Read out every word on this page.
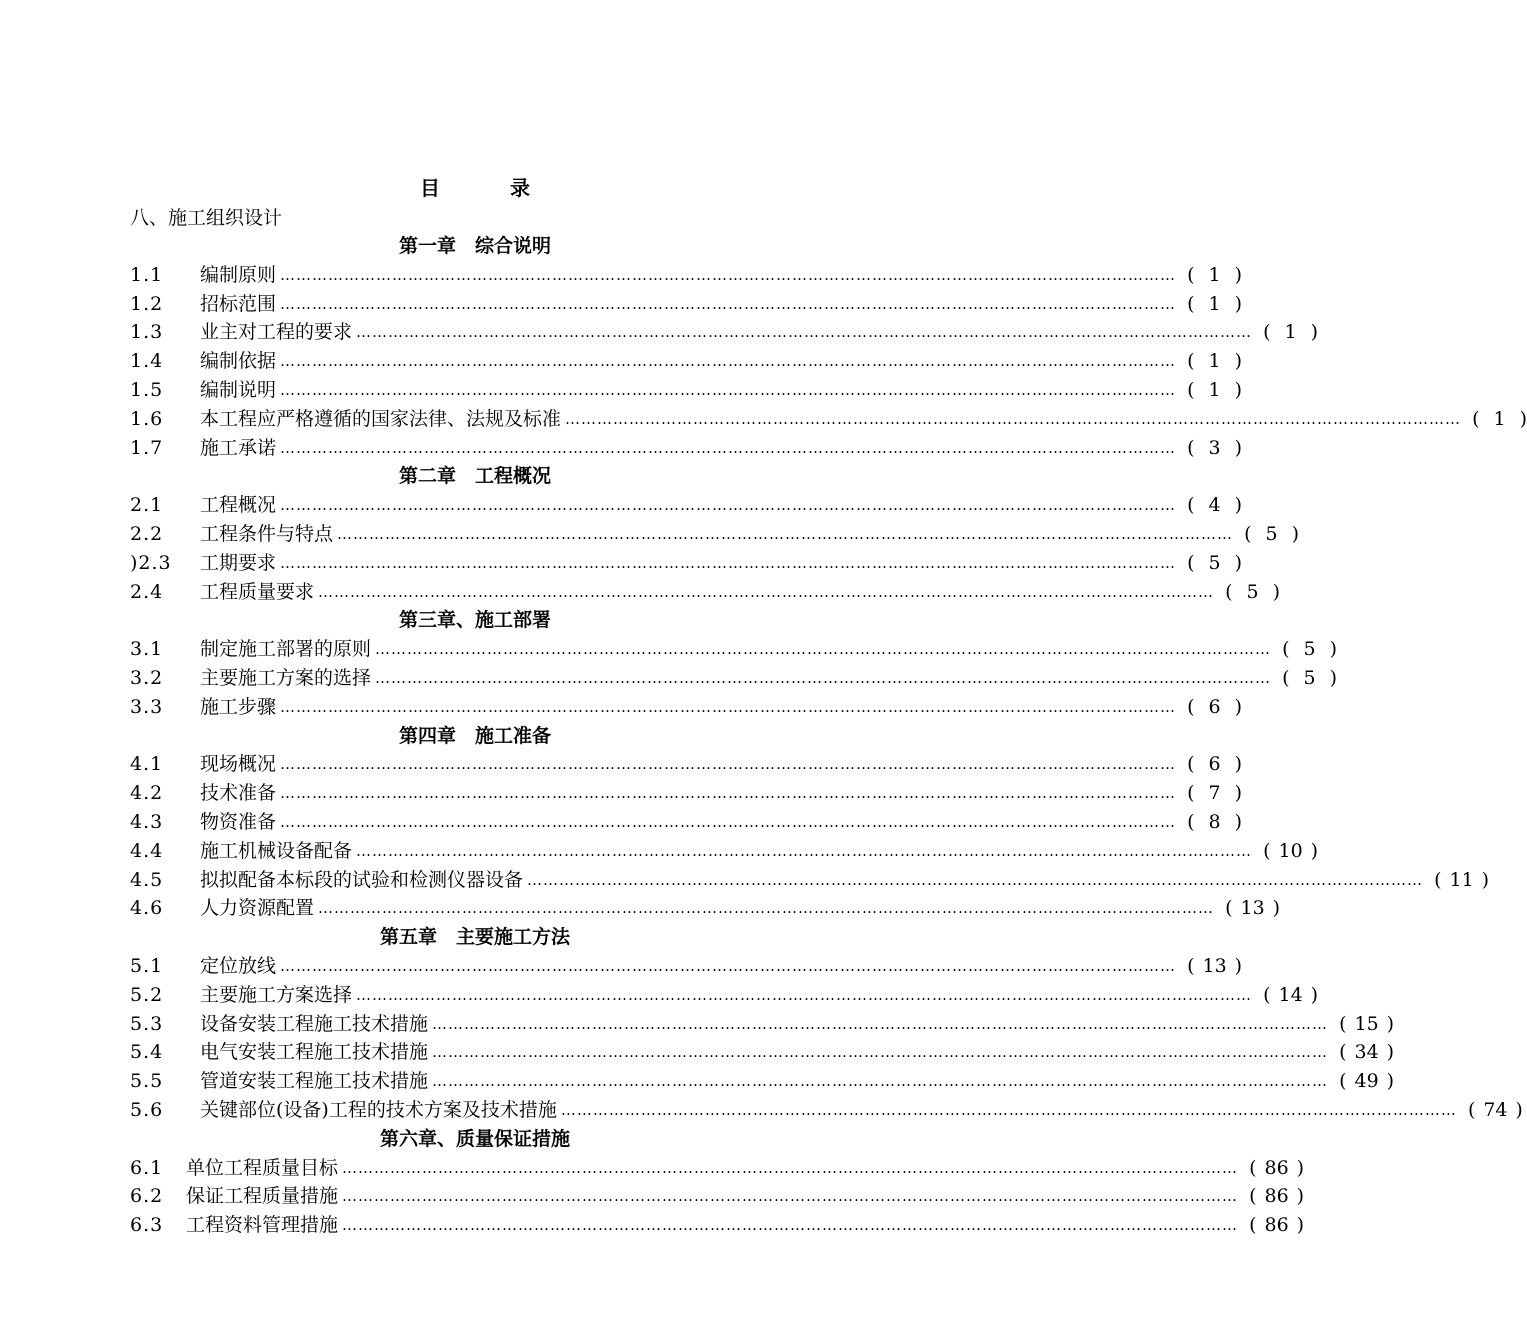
目	录
八、施工组织设计
第一章　综合说明
1.1	编制原则 …………………………………………………………………………………………………………………………………………………… ( 1 )
1.2	招标范围 …………………………………………………………………………………………………………………………………………………… ( 1 )
1.3	业主对工程的要求 …………………………………………………………………………………………………………………………………………………… ( 1 )
1.4	编制依据 …………………………………………………………………………………………………………………………………………………… ( 1 )
1.5	编制说明 …………………………………………………………………………………………………………………………………………………… ( 1 )
1.6	本工程应严格遵循的国家法律、法规及标准 …………………………………………………………………………………………………………………………………………………… ( 1 )
1.7	施工承诺 …………………………………………………………………………………………………………………………………………………… ( 3 )
第二章　工程概况
2.1	工程概况 …………………………………………………………………………………………………………………………………………………… ( 4 )
2.2	工程条件与特点 …………………………………………………………………………………………………………………………………………………… ( 5 )
)2.3	工期要求 …………………………………………………………………………………………………………………………………………………… ( 5 )
2.4	工程质量要求 …………………………………………………………………………………………………………………………………………………… ( 5 )
第三章、施工部署
3.1	制定施工部署的原则 …………………………………………………………………………………………………………………………………………………… ( 5 )
3.2	主要施工方案的选择 …………………………………………………………………………………………………………………………………………………… ( 5 )
3.3	施工步骤 …………………………………………………………………………………………………………………………………………………… ( 6 )
第四章　施工准备
4.1	现场概况 …………………………………………………………………………………………………………………………………………………… ( 6 )
4.2	技术准备 …………………………………………………………………………………………………………………………………………………… ( 7 )
4.3	物资准备 …………………………………………………………………………………………………………………………………………………… ( 8 )
4.4	施工机械设备配备 …………………………………………………………………………………………………………………………………………………… ( 10 )
4.5	拟拟配备本标段的试验和检测仪器设备 …………………………………………………………………………………………………………………………………………………… ( 11 )
4.6	人力资源配置 …………………………………………………………………………………………………………………………………………………… ( 13 )
第五章　主要施工方法
5.1	定位放线 …………………………………………………………………………………………………………………………………………………… ( 13 )
5.2	主要施工方案选择 …………………………………………………………………………………………………………………………………………………… ( 14 )
5.3	设备安装工程施工技术措施 …………………………………………………………………………………………………………………………………………………… ( 15 )
5.4	电气安装工程施工技术措施 …………………………………………………………………………………………………………………………………………………… ( 34 )
5.5	管道安装工程施工技术措施 …………………………………………………………………………………………………………………………………………………… ( 49 )
5.6	关键部位(设备)工程的技术方案及技术措施 …………………………………………………………………………………………………………………………………………………… ( 74 )
第六章、质量保证措施
6.1	单位工程质量目标 …………………………………………………………………………………………………………………………………………………… ( 86 )
6.2	保证工程质量措施 …………………………………………………………………………………………………………………………………………………… ( 86 )
6.3	工程资料管理措施 …………………………………………………………………………………………………………………………………………………… ( 86 )
